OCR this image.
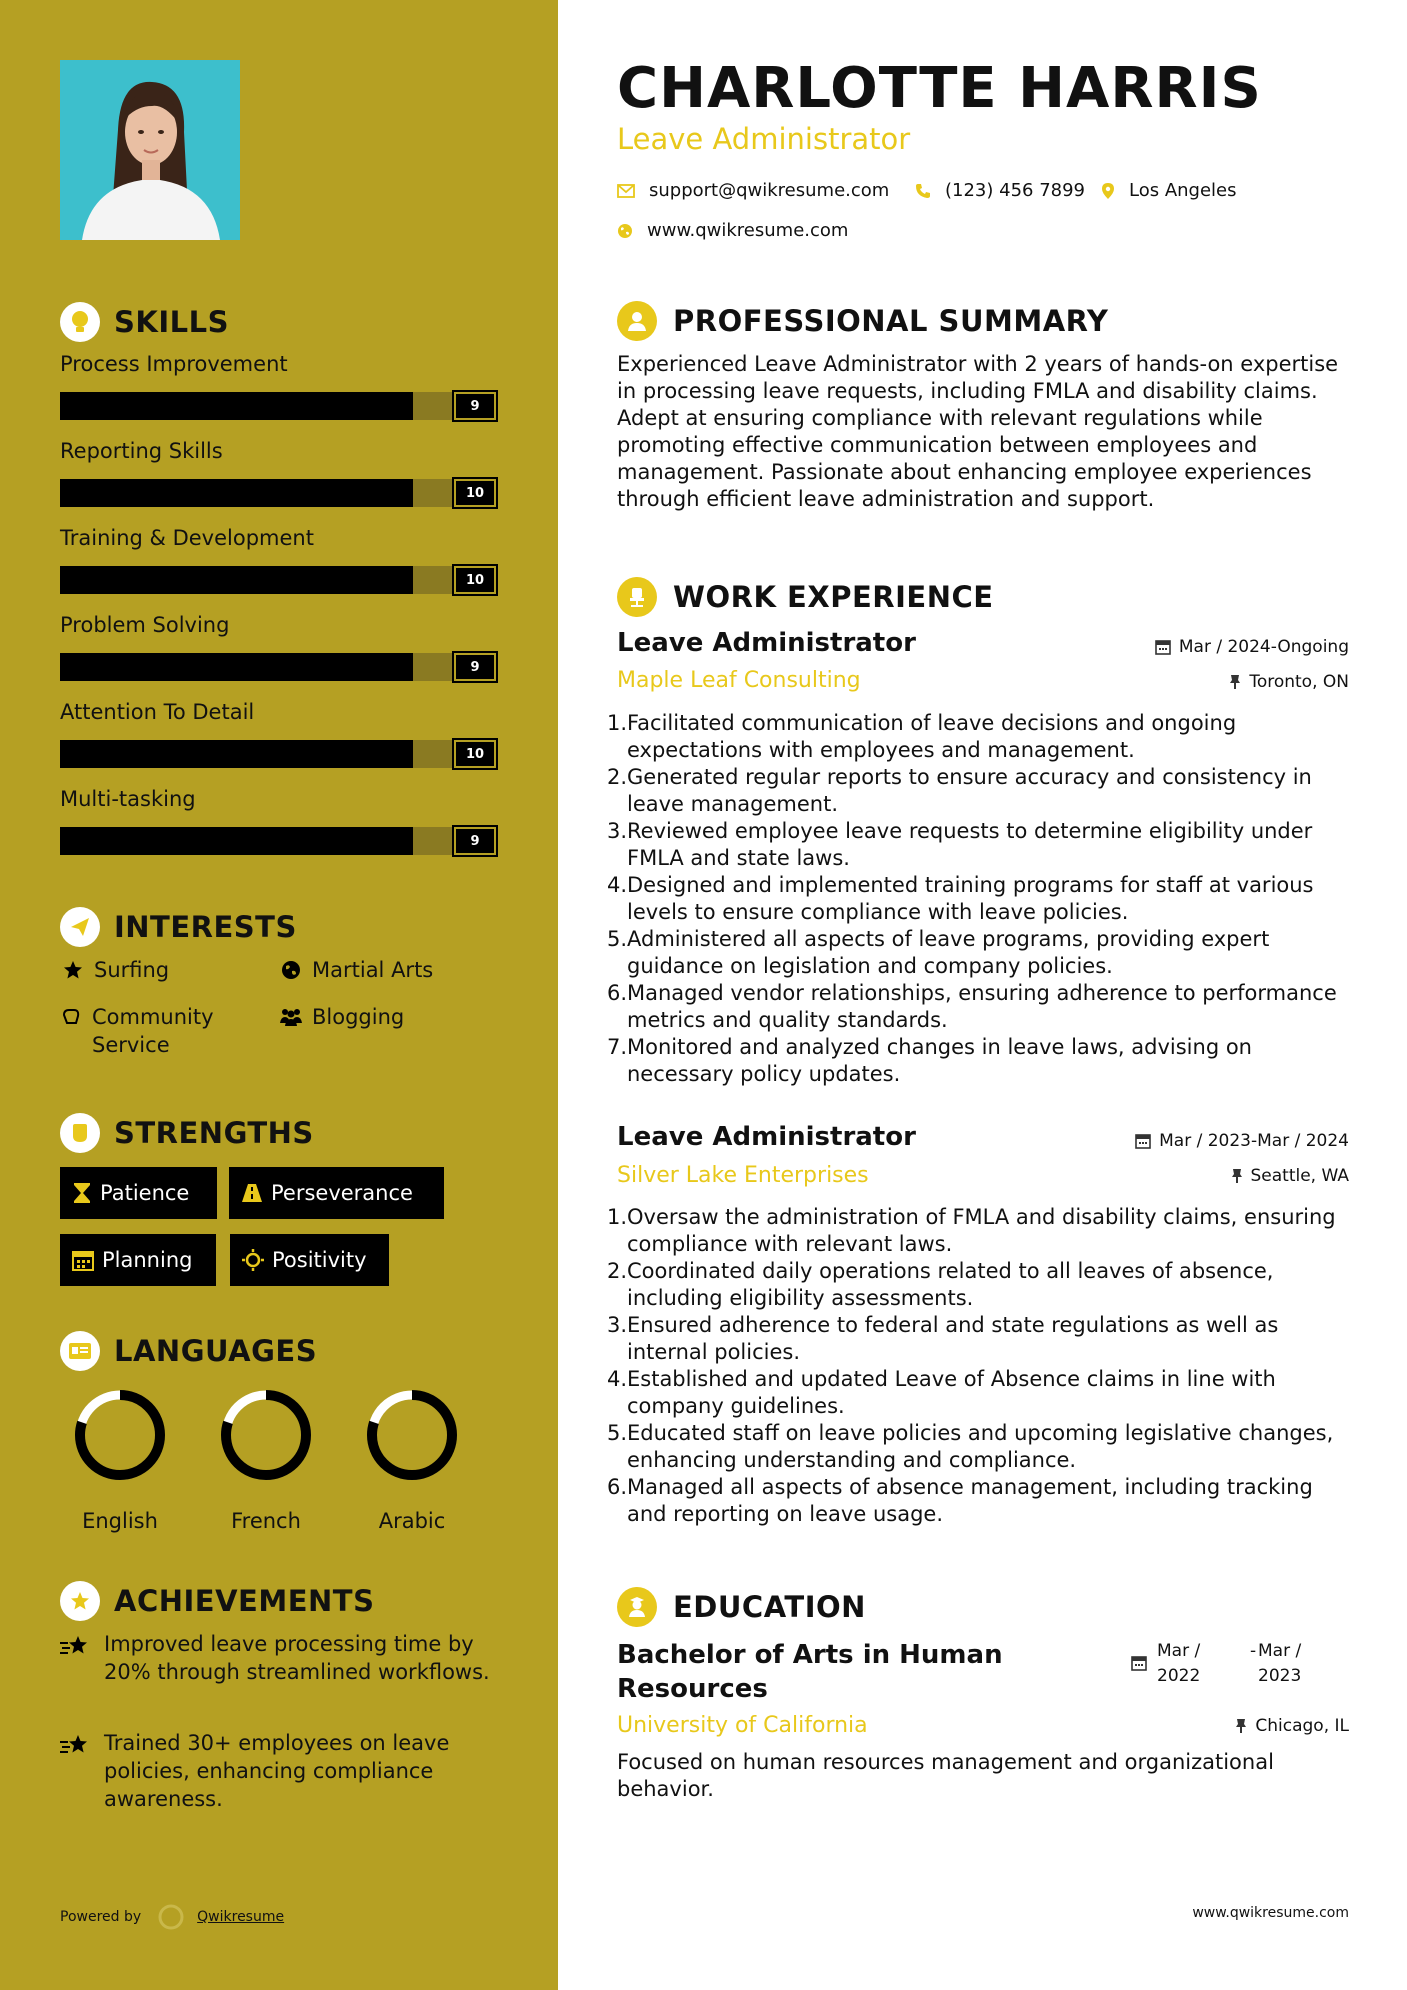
SKILLS
Process Improvement
9
Reporting Skills
10
Training & Development
10
Problem Solving
9
Attention To Detail
10
Multi-tasking
9
INTERESTS
Surfing	Martial Arts
Community Service
Blogging
STRENGTHS
Patience	Perseverance
Planning	Positivity
LANGUAGES
English	French	Arabic
ACHIEVEMENTS
Improved leave processing time by 20% through streamlined workflows.
Trained 30+ employees on leave policies, enhancing compliance awareness.
Powered by	Qwikresume
CHARLOTTE HARRIS
Leave Administrator
support@qwikresume.com	(123) 456 7899 Los Angeles
www.qwikresume.com
PROFESSIONAL SUMMARY
Experienced Leave Administrator with 2 years of hands-on expertise in processing leave requests, including FMLA and disability claims. Adept at ensuring compliance with relevant regulations while promoting effective communication between employees and management. Passionate about enhancing employee experiences through efficient leave administration and support.
WORK EXPERIENCE
Leave Administrator	Mar / 2024-Ongoing
Maple Leaf Consulting	Toronto, ON
1. Facilitated communication of leave decisions and ongoing expectations with employees and management.
2. Generated regular reports to ensure accuracy and consistency in leave management.
3. Reviewed employee leave requests to determine eligibility under FMLA and state laws.
4. Designed and implemented training programs for staff at various levels to ensure compliance with leave policies.
5. Administered all aspects of leave programs, providing expert guidance on legislation and company policies.
6. Managed vendor relationships, ensuring adherence to performance metrics and quality standards.
7. Monitored and analyzed changes in leave laws, advising on necessary policy updates.
Leave Administrator	Mar / 2023-Mar / 2024
Silver Lake Enterprises	Seattle, WA
1. Oversaw the administration of FMLA and disability claims, ensuring compliance with relevant laws.
2. Coordinated daily operations related to all leaves of absence, including eligibility assessments.
3. Ensured adherence to federal and state regulations as well as internal policies.
4. Established and updated Leave of Absence claims in line with company guidelines.
5. Educated staff on leave policies and upcoming legislative changes, enhancing understanding and compliance.
6. Managed all aspects of absence management, including tracking and reporting on leave usage.
EDUCATION
Bachelor of Arts in Human
Resources
Mar /
2022
- Mar /
2023
University of California	Chicago, IL
Focused on human resources management and organizational behavior.
www.qwikresume.com
